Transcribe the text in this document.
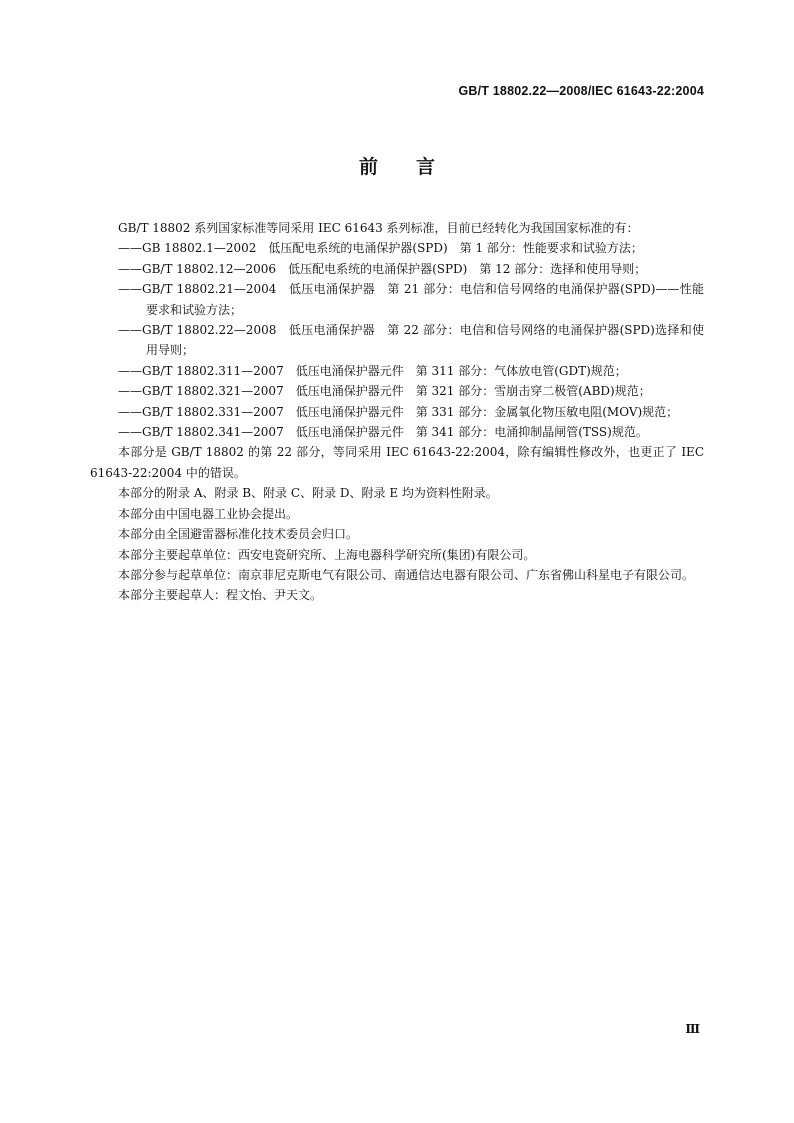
GB/T 18802.22—2008/IEC 61643-22:2004
前言

GB/T 18802 系列国家标准等同采用 IEC 61643 系列标准，目前已经转化为我国国家标准的有：

——GB 18802.1—2002　低压配电系统的电涌保护器(SPD)　第 1 部分：性能要求和试验方法；

——GB/T 18802.12—2006　低压配电系统的电涌保护器(SPD)　第 12 部分：选择和使用导则；

——GB/T 18802.21—2004　低压电涌保护器　第 21 部分：电信和信号网络的电涌保护器(SPD)——性能要求和试验方法；

——GB/T 18802.22—2008　低压电涌保护器　第 22 部分：电信和信号网络的电涌保护器(SPD)选择和使用导则；

——GB/T 18802.311—2007　低压电涌保护器元件　第 311 部分：气体放电管(GDT)规范；

——GB/T 18802.321—2007　低压电涌保护器元件　第 321 部分：雪崩击穿二极管(ABD)规范；

——GB/T 18802.331—2007　低压电涌保护器元件　第 331 部分：金属氧化物压敏电阻(MOV)规范；

——GB/T 18802.341—2007　低压电涌保护器元件　第 341 部分：电涌抑制晶闸管(TSS)规范。

本部分是 GB/T 18802 的第 22 部分，等同采用 IEC 61643-22:2004，除有编辑性修改外，也更正了 IEC 61643-22:2004 中的错误。

本部分的附录 A、附录 B、附录 C、附录 D、附录 E 均为资料性附录。

本部分由中国电器工业协会提出。

本部分由全国避雷器标准化技术委员会归口。

本部分主要起草单位：西安电瓷研究所、上海电器科学研究所(集团)有限公司。

本部分参与起草单位：南京菲尼克斯电气有限公司、南通信达电器有限公司、广东省佛山科星电子有限公司。

本部分主要起草人：程文怡、尹天文。

Ⅲ
